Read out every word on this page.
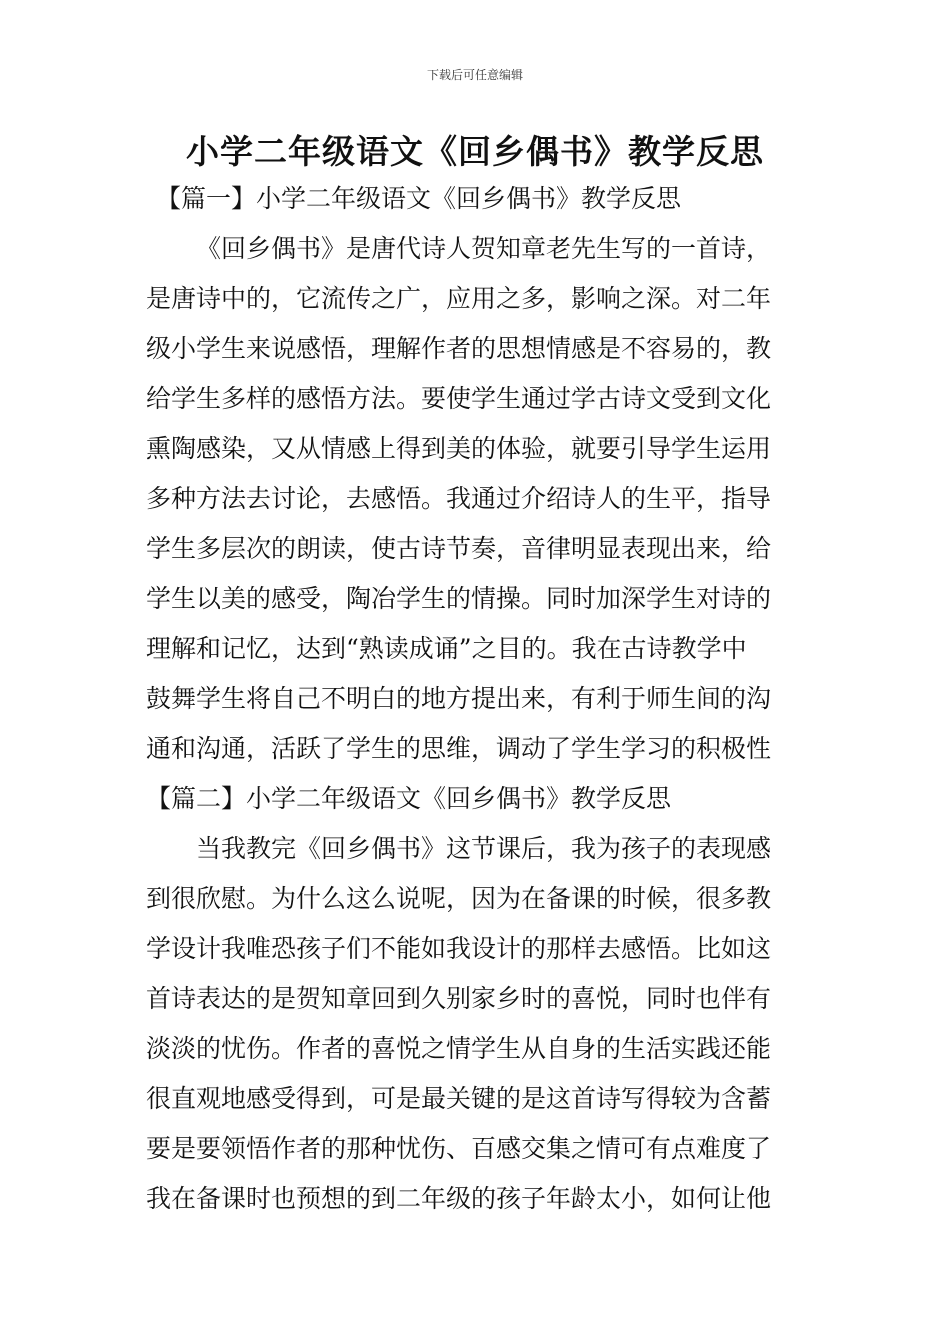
下载后可任意编辑
小学二年级语文《回乡偶书》教学反思
【篇一】小学二年级语文《回乡偶书》教学反思
《回乡偶书》是唐代诗人贺知章老先生写的一首诗，
是唐诗中的，它流传之广，应用之多，影响之深。对二年
级小学生来说感悟，理解作者的思想情感是不容易的，教
给学生多样的感悟方法。要使学生通过学古诗文受到文化
熏陶感染，又从情感上得到美的体验，就要引导学生运用
多种方法去讨论，去感悟。我通过介绍诗人的生平，指导
学生多层次的朗读，使古诗节奏，音律明显表现出来，给
学生以美的感受，陶冶学生的情操。同时加深学生对诗的
理解和记忆，达到“熟读成诵”之目的。我在古诗教学中
鼓舞学生将自己不明白的地方提出来，有利于师生间的沟
通和沟通，活跃了学生的思维，调动了学生学习的积极性
【篇二】小学二年级语文《回乡偶书》教学反思
当我教完《回乡偶书》这节课后，我为孩子的表现感
到很欣慰。为什么这么说呢，因为在备课的时候，很多教
学设计我唯恐孩子们不能如我设计的那样去感悟。比如这
首诗表达的是贺知章回到久别家乡时的喜悦，同时也伴有
淡淡的忧伤。作者的喜悦之情学生从自身的生活实践还能
很直观地感受得到，可是最关键的是这首诗写得较为含蓄
要是要领悟作者的那种忧伤、百感交集之情可有点难度了
我在备课时也预想的到二年级的孩子年龄太小，如何让他
